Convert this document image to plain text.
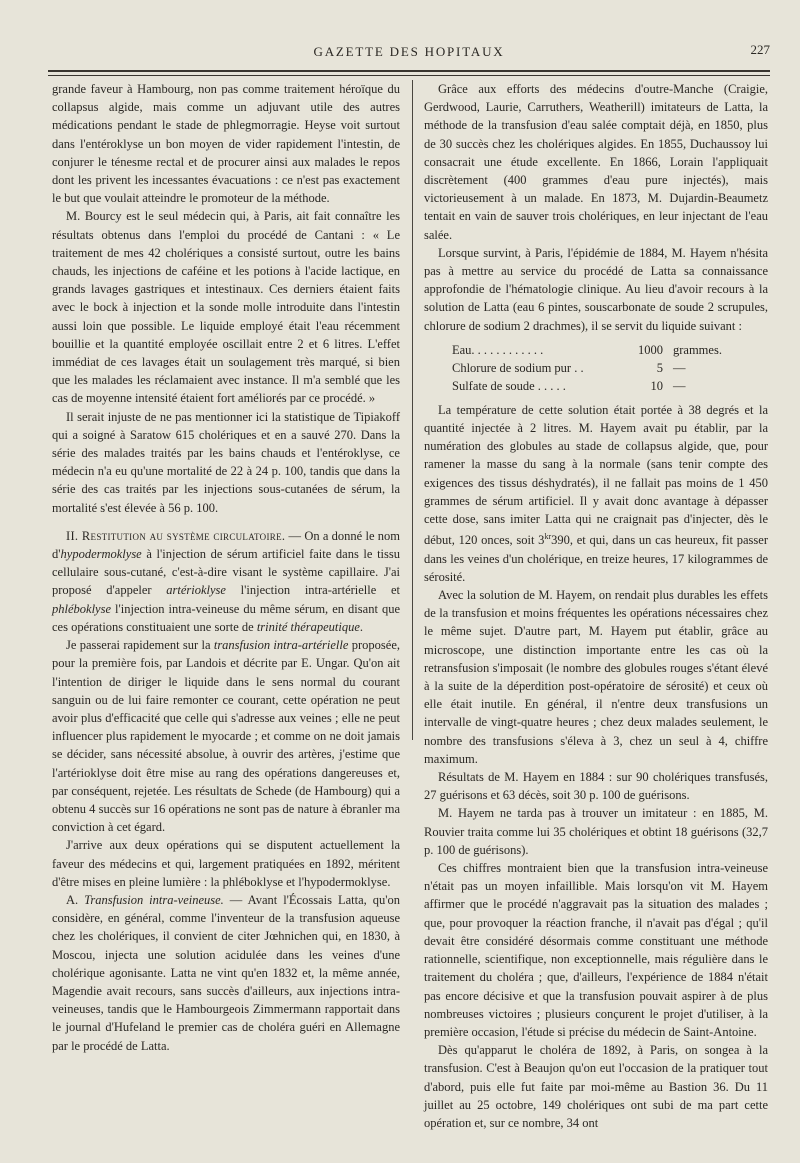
GAZETTE DES HOPITAUX	227

grande faveur à Hambourg, non pas comme traitement héroïque du collapsus algide, mais comme un adjuvant utile des autres médications pendant le stade de phlegmorragie. Heyse voit surtout dans l'entéroklyse un bon moyen de vider rapidement l'intestin, de conjurer le ténesme rectal et de procurer ainsi aux malades le repos dont les privent les incessantes évacuations : ce n'est pas exactement le but que voulait atteindre le promoteur de la méthode.

M. Bourcy est le seul médecin qui, à Paris, ait fait connaître les résultats obtenus dans l'emploi du procédé de Cantani : « Le traitement de mes 42 cholériques a consisté surtout, outre les bains chauds, les injections de caféine et les potions à l'acide lactique, en grands lavages gastriques et intestinaux. Ces derniers étaient faits avec le bock à injection et la sonde molle introduite dans l'intestin aussi loin que possible. Le liquide employé était l'eau récemment bouillie et la quantité employée oscillait entre 2 et 6 litres. L'effet immédiat de ces lavages était un soulagement très marqué, si bien que les malades les réclamaient avec instance. Il m'a semblé que les cas de moyenne intensité étaient fort améliorés par ce procédé. »

Il serait injuste de ne pas mentionner ici la statistique de Tipiakoff qui a soigné à Saratow 615 cholériques et en a sauvé 270. Dans la série des malades traités par les bains chauds et l'entéroklyse, ce médecin n'a eu qu'une mortalité de 22 à 24 p. 100, tandis que dans la série des cas traités par les injections sous-cutanées de sérum, la mortalité s'est élevée à 56 p. 100.

II. Restitution au système circulatoire. — On a donné le nom d'hypodermoklyse à l'injection de sérum artificiel faite dans le tissu cellulaire sous-cutané, c'est-à-dire visant le système capillaire. J'ai proposé d'appeler artérioklyse l'injection intra-artérielle et phléboklyse l'injection intra-veineuse du même sérum, en disant que ces opérations constituaient une sorte de trinité thérapeutique.

Je passerai rapidement sur la transfusion intra-artérielle proposée, pour la première fois, par Landois et décrite par E. Ungar. Qu'on ait l'intention de diriger le liquide dans le sens normal du courant sanguin ou de lui faire remonter ce courant, cette opération ne peut avoir plus d'efficacité que celle qui s'adresse aux veines ; elle ne peut influencer plus rapidement le myocarde ; et comme on ne doit jamais se décider, sans nécessité absolue, à ouvrir des artères, j'estime que l'artérioklyse doit être mise au rang des opérations dangereuses et, par conséquent, rejetée. Les résultats de Schede (de Hambourg) qui a obtenu 4 succès sur 16 opérations ne sont pas de nature à ébranler ma conviction à cet égard.

J'arrive aux deux opérations qui se disputent actuellement la faveur des médecins et qui, largement pratiquées en 1892, méritent d'être mises en pleine lumière : la phléboklyse et l'hypodermoklyse.

A. Transfusion intra-veineuse. — Avant l'Écossais Latta, qu'on considère, en général, comme l'inventeur de la transfusion aqueuse chez les cholériques, il convient de citer Jœhnichen qui, en 1830, à Moscou, injecta une solution acidulée dans les veines d'une cholérique agonisante. Latta ne vint qu'en 1832 et, la même année, Magendie avait recours, sans succès d'ailleurs, aux injections intra-veineuses, tandis que le Hambourgeois Zimmermann rapportait dans le journal d'Hufeland le premier cas de choléra guéri en Allemagne par le procédé de Latta.

Grâce aux efforts des médecins d'outre-Manche (Craigie, Gerdwood, Laurie, Carruthers, Weatherill) imitateurs de Latta, la méthode de la transfusion d'eau salée comptait déjà, en 1850, plus de 30 succès chez les cholériques algides. En 1855, Duchaussoy lui consacrait une étude excellente. En 1866, Lorain l'appliquait discrètement (400 grammes d'eau pure injectés), mais victorieusement à un malade. En 1873, M. Dujardin-Beaumetz tentait en vain de sauver trois cholériques, en leur injectant de l'eau salée.

Lorsque survint, à Paris, l'épidémie de 1884, M. Hayem n'hésita pas à mettre au service du procédé de Latta sa connaissance approfondie de l'hématologie clinique. Au lieu d'avoir recours à la solution de Latta (eau 6 pintes, souscarbonate de soude 2 scrupules, chlorure de sodium 2 drachmes), il se servit du liquide suivant :

Eau. . . . . . . . . . . .	1000	grammes.
Chlorure de sodium pur . .	5	—
Sulfate de soude . . . . .	10	—

La température de cette solution était portée à 38 degrés et la quantité injectée à 2 litres. M. Hayem avait pu établir, par la numération des globules au stade de collapsus algide, que, pour ramener la masse du sang à la normale (sans tenir compte des exigences des tissus déshydratés), il ne fallait pas moins de 1 450 grammes de sérum artificiel. Il y avait donc avantage à dépasser cette dose, sans imiter Latta qui ne craignait pas d'injecter, dès le début, 120 onces, soit $3^{kr}390$, et qui, dans un cas heureux, fit passer dans les veines d'un cholérique, en treize heures, 17 kilogrammes de sérosité.

Avec la solution de M. Hayem, on rendait plus durables les effets de la transfusion et moins fréquentes les opérations nécessaires chez le même sujet. D'autre part, M. Hayem put établir, grâce au microscope, une distinction importante entre les cas où la retransfusion s'imposait (le nombre des globules rouges s'étant élevé à la suite de la déperdition post-opératoire de sérosité) et ceux où elle était inutile. En général, il n'entre deux transfusions un intervalle de vingt-quatre heures ; chez deux malades seulement, le nombre des transfusions s'éleva à 3, chez un seul à 4, chiffre maximum.

Résultats de M. Hayem en 1884 : sur 90 cholériques transfusés, 27 guérisons et 63 décès, soit 30 p. 100 de guérisons.

M. Hayem ne tarda pas à trouver un imitateur : en 1885, M. Rouvier traita comme lui 35 cholériques et obtint 18 guérisons (32,7 p. 100 de guérisons).

Ces chiffres montraient bien que la transfusion intra-veineuse n'était pas un moyen infaillible. Mais lorsqu'on vit M. Hayem affirmer que le procédé n'aggravait pas la situation des malades ; que, pour provoquer la réaction franche, il n'avait pas d'égal ; qu'il devait être considéré désormais comme constituant une méthode rationnelle, scientifique, non exceptionnelle, mais régulière dans le traitement du choléra ; que, d'ailleurs, l'expérience de 1884 n'était pas encore décisive et que la transfusion pouvait aspirer à de plus nombreuses victoires ; plusieurs conçurent le projet d'utiliser, à la première occasion, l'étude si précise du médecin de Saint-Antoine.

Dès qu'apparut le choléra de 1892, à Paris, on songea à la transfusion. C'est à Beaujon qu'on eut l'occasion de la pratiquer tout d'abord, puis elle fut faite par moi-même au Bastion 36. Du 11 juillet au 25 octobre, 149 cholériques ont subi de ma part cette opération et, sur ce nombre, 34 ont
